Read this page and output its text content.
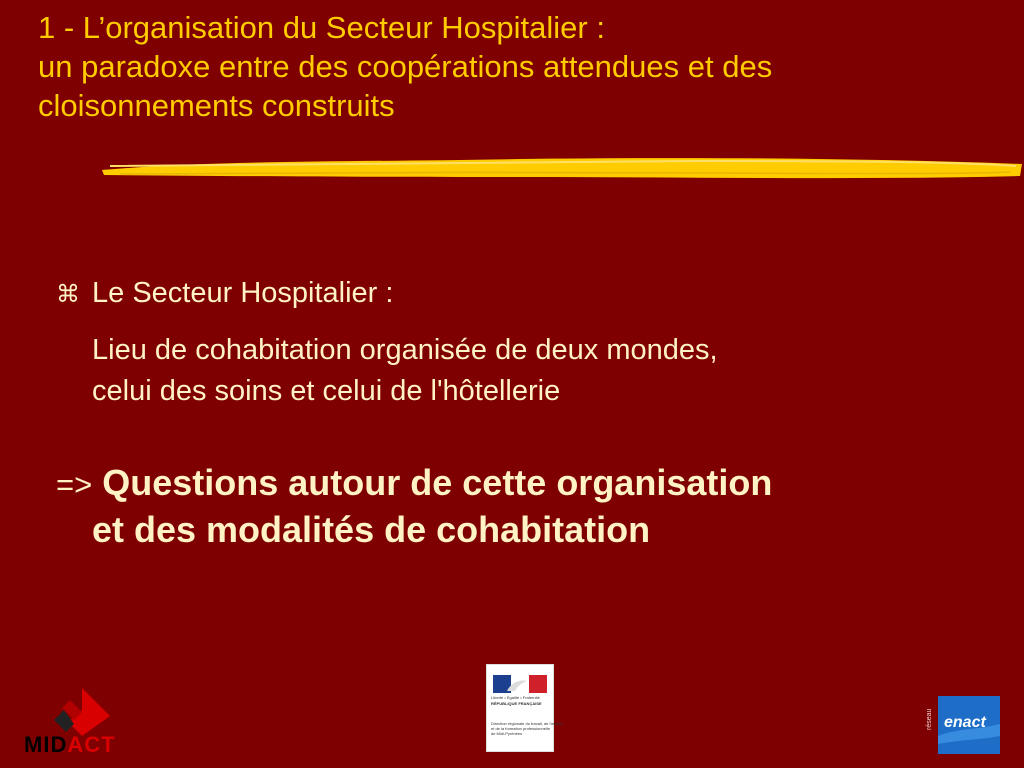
1 - L’organisation du Secteur Hospitalier :
un paradoxe entre des coopérations attendues et des
cloisonnements construits
⌘ Le Secteur Hospitalier :
Lieu de cohabitation organisée de deux mondes,
celui des soins et celui de l'hôtellerie
=> Questions autour de cette organisation
et des modalités de cohabitation
MIDACT
Liberté • Égalité • Fraternité
RÉPUBLIQUE FRANÇAISE
Direction régionale du travail, de l'emploi
et de la formation professionnelle
de Midi-Pyrénées
réseau enact
